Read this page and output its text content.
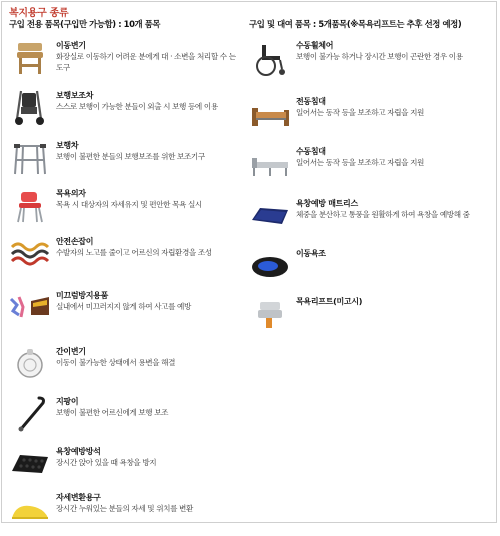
복지용구 종류
구입 전용 품목(구입만 가능함) : 10개 품목	구입 및 대여 품목 : 5개품목(※목욕리프트는 추후 선정 예정)
이동변기
화장실로 이동하기 어려운 분에게 대 · 소변을 처리할 수 는 도구
보행보조차
스스로 보행이 가능한 분들이 외출 시 보행 등에 이용
보행차
보행이 불편한 분들의 보행보조를 위한 보조기구
목욕의자
목욕 시 대상자의 자세유지 및 편안한 목욕 실시
안전손잡이
수발자의 노고를 줄이고 어르신의 자립환경을 조성
미끄럼방지용품
실내에서 미끄러지지 않게 하여 사고를 예방
간이변기
이동이 불가능한 상태에서 용변을 해결
지팡이
보행이 불편한 어르신에게 보행 보조
욕창예방방석
장시간 앉아 있을 때 욕창을 방지
자세변환용구
장시간 누워있는 분들의 자세 및 위치를 변환
수동휠체어
보행이 불가능 하거나 장시간 보행이 곤란한 경우 이용
전동침대
일어서는 동작 등을 보조하고 자립을 지원
수동침대
일어서는 동작 등을 보조하고 자립을 지원
욕창예방 매트리스
체중을 분산하고 통풍을 원활하게 하여 욕창을 예방해 줌
이동욕조
목욕리프트(미고시)
